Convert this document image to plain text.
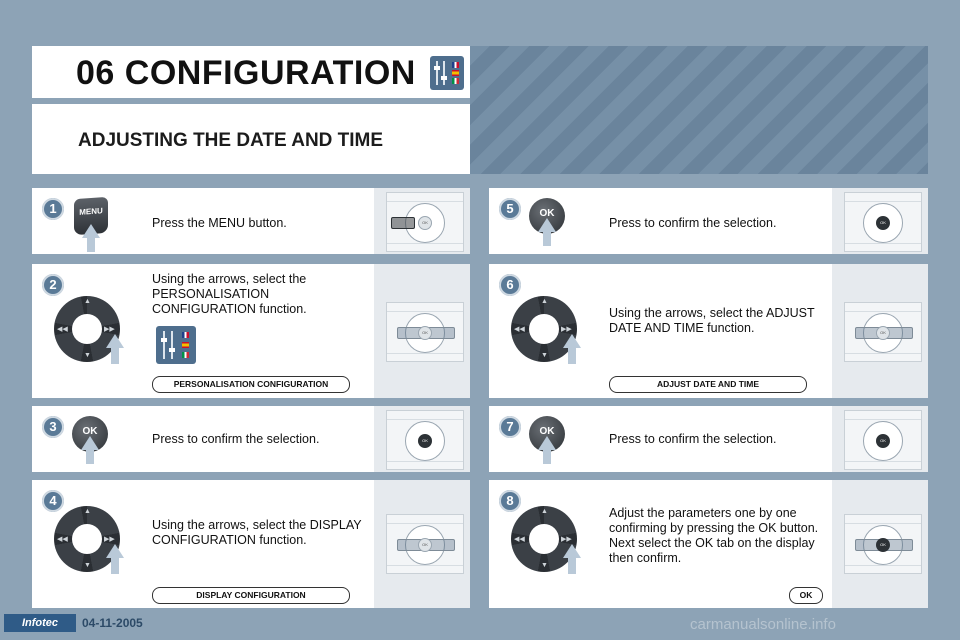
06 CONFIGURATION
ADJUSTING THE DATE AND TIME
1	MENU
Press the MENU button.	OK
2
▲
▼
◀◀	▶▶
Using the arrows, select the PERSONALISATION CONFIGURATION function.
PERSONALISATION CONFIGURATION
OK
3	OK
Press to confirm the selection.	OK
4
▲
▼
◀◀	▶▶
Using the arrows, select the DISPLAY CONFIGURATION function.
DISPLAY CONFIGURATION
OK
5	OK
Press to confirm the selection.	OK
6
▲
▼
◀◀	▶▶
Using the arrows, select the ADJUST DATE AND TIME function.
ADJUST DATE AND TIME
OK
7	OK
Press to confirm the selection.	OK
8
▲
▼
◀◀	▶▶
Adjust the parameters one by one confirming by pressing the OK button. Next select the OK tab on the display then confirm.
OK
OK
Infotec	04-11-2005	carmanualsonline.info
